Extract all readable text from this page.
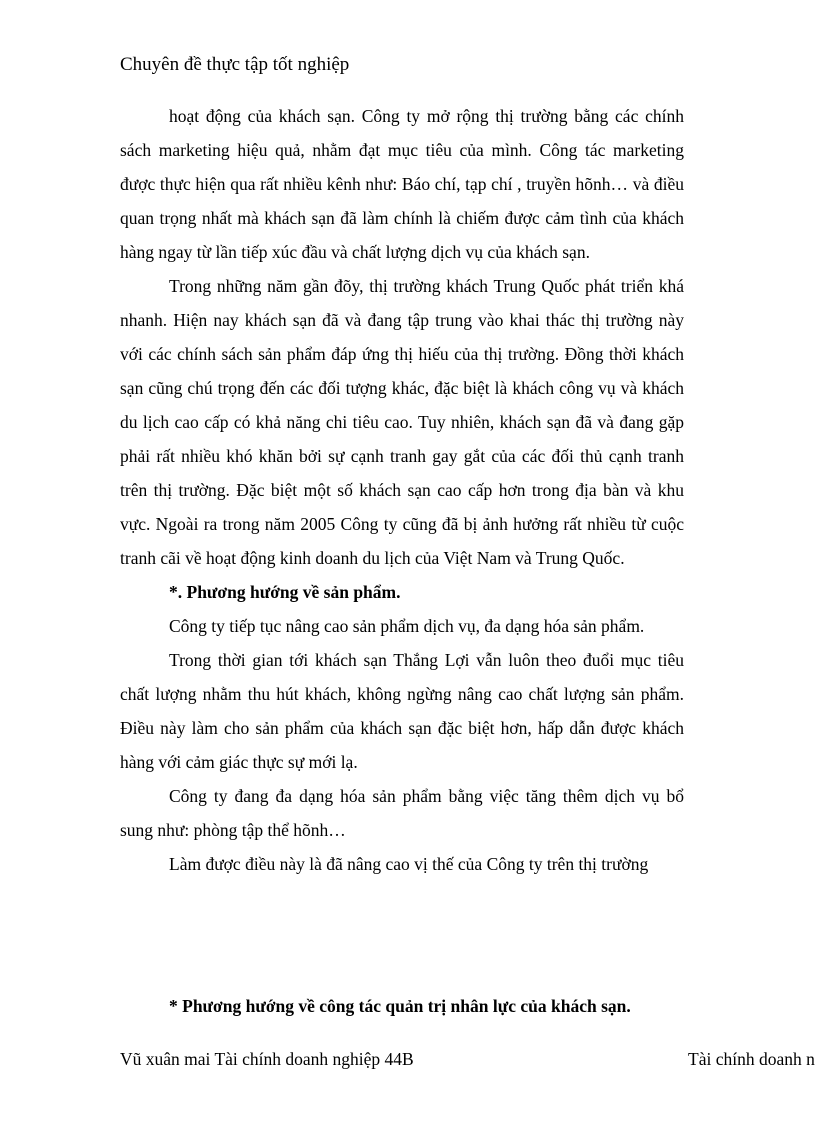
Chuyên đề thực tập tốt nghiệp

hoạt động của khách sạn. Công ty mở rộng thị trường bằng các chính sách marketing hiệu quả, nhằm đạt mục tiêu của mình. Công tác marketing được thực hiện qua rất nhiều kênh như: Báo chí, tạp chí , truyền hõnh… và điều quan trọng nhất mà khách sạn đã làm chính là chiếm được cảm tình của khách hàng ngay từ lần tiếp xúc đầu và chất lượng dịch vụ của khách sạn.

Trong những năm gần đõy, thị trường khách Trung Quốc phát triển khá nhanh. Hiện nay khách sạn đã và đang tập trung vào khai thác thị trường này với các chính sách sản phẩm đáp ứng thị hiếu của thị trường. Đồng thời khách sạn cũng chú trọng đến các đối tượng khác, đặc biệt là khách công vụ và khách du lịch cao cấp có khả năng chi tiêu cao. Tuy nhiên, khách sạn đã và đang gặp phải rất nhiều khó khăn bởi sự cạnh tranh gay gắt của các đối thủ cạnh tranh trên thị trường. Đặc biệt một số khách sạn cao cấp hơn trong địa bàn và khu vực. Ngoài ra trong năm 2005 Công ty cũng đã bị ảnh hưởng rất nhiều từ cuộc tranh cãi về hoạt động kinh doanh du lịch của Việt Nam và Trung Quốc.

*. Phương hướng về sản phẩm.

Công ty tiếp tục nâng cao sản phẩm dịch vụ, đa dạng hóa sản phẩm.

Trong thời gian tới khách sạn Thắng Lợi vẫn luôn theo đuổi mục tiêu chất lượng nhằm thu hút khách, không ngừng nâng cao chất lượng sản phẩm. Điều này làm cho sản phẩm của khách sạn đặc biệt hơn, hấp dẫn được khách hàng với cảm giác thực sự mới lạ.

Công ty đang đa dạng hóa sản phẩm bằng việc tăng thêm dịch vụ bổ sung như: phòng tập thể hõnh…

Làm được điều này là đã nâng cao vị thế của Công ty trên thị trường

* Phương hướng về công tác quản trị nhân lực của khách sạn.
Vũ xuân mai Tài chính doanh nghiệp 44B	Tài chính doanh n
